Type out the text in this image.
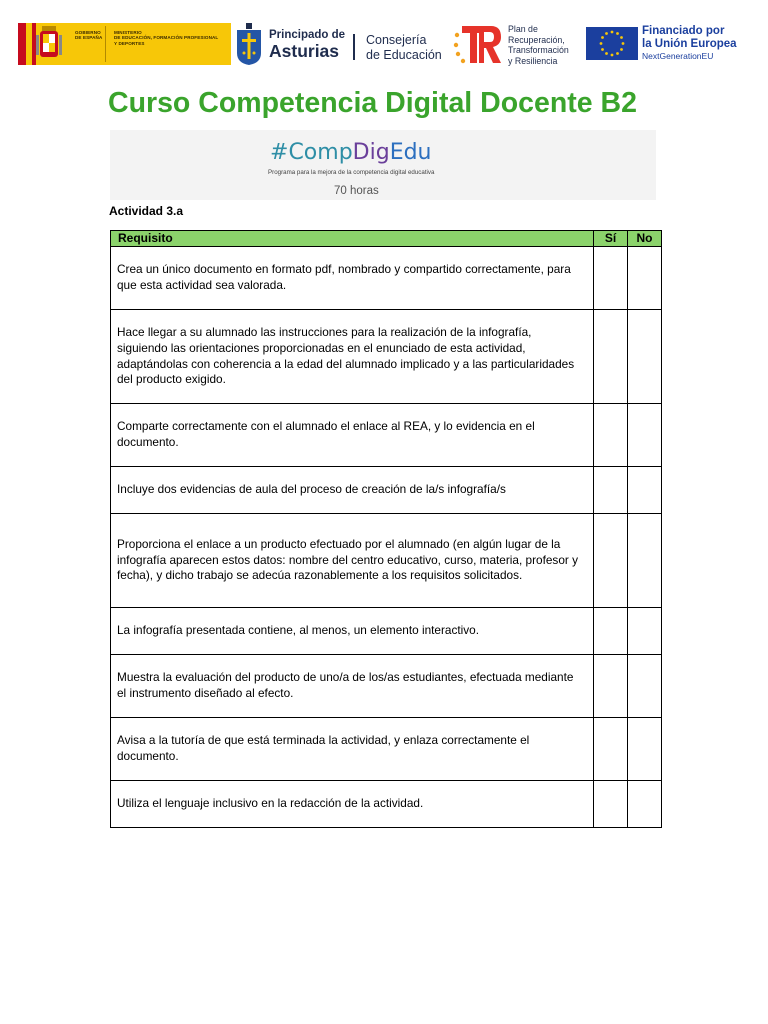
GOBIERNO
DE ESPAÑA
MINISTERIO
DE EDUCACIÓN, FORMACIÓN PROFESIONAL
Y DEPORTES
Principado de
Asturias
Consejería
de Educación
Plan de
Recuperación,
Transformación
y Resiliencia
Financiado por
la Unión Europea
NextGenerationEU
Curso Competencia Digital Docente B2
#CompDigEdu
Programa para la mejora de la competencia digital educativa
70 horas
Actividad 3.a
Requisito	Sí	No
Crea un único documento en formato pdf, nombrado y compartido correctamente, para que esta actividad sea valorada.		
Hace llegar a su alumnado las instrucciones para la realización de la infografía, siguiendo las orientaciones proporcionadas en el enunciado de esta actividad, adaptándolas con coherencia a la edad del alumnado implicado y a las particularidades del producto exigido.		
Comparte correctamente con el alumnado el enlace al REA, y lo evidencia en el documento.		
Incluye dos evidencias de aula del proceso de creación de la/s infografía/s		
Proporciona el enlace a un producto efectuado por el alumnado (en algún lugar de la infografía aparecen estos datos: nombre del centro educativo, curso, materia, profesor y fecha), y dicho trabajo se adecúa razonablemente a los requisitos solicitados.		
La infografía presentada contiene, al menos, un elemento interactivo.		
Muestra la evaluación del producto de uno/a de los/as estudiantes, efectuada mediante el instrumento diseñado al efecto.		
Avisa a la tutoría de que está terminada la actividad, y enlaza correctamente el documento.		
Utiliza el lenguaje inclusivo en la redacción de la actividad.		
